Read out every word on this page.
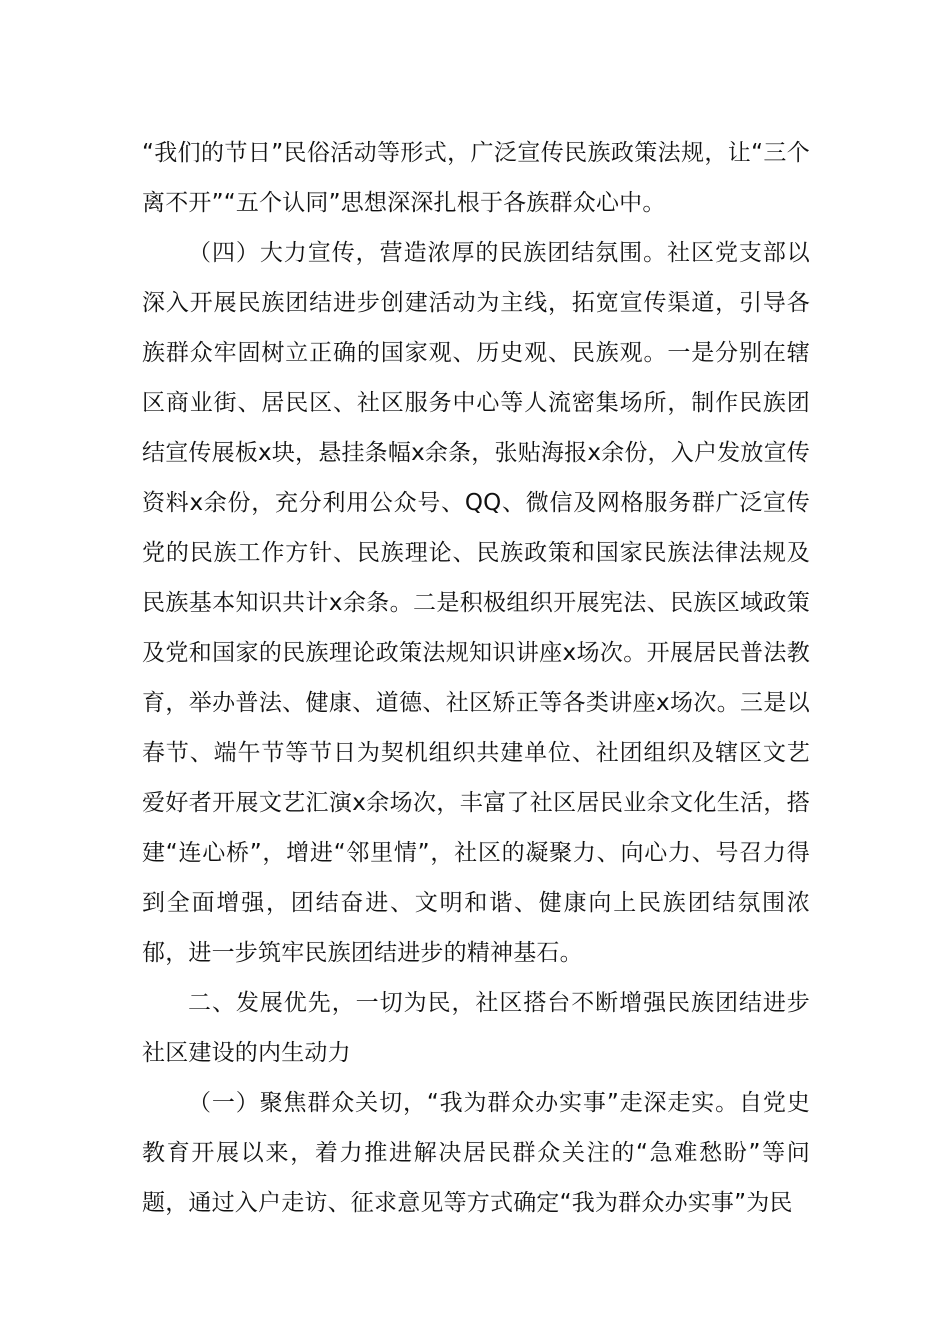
“我们的节日”民俗活动等形式，广泛宣传民族政策法规，让“三个离不开”“五个认同”思想深深扎根于各族群众心中。

（四）大力宣传，营造浓厚的民族团结氛围。社区党支部以深入开展民族团结进步创建活动为主线，拓宽宣传渠道，引导各族群众牢固树立正确的国家观、历史观、民族观。一是分别在辖区商业街、居民区、社区服务中心等人流密集场所，制作民族团结宣传展板x块，悬挂条幅x余条，张贴海报x余份，入户发放宣传资料x余份，充分利用公众号、QQ、微信及网格服务群广泛宣传党的民族工作方针、民族理论、民族政策和国家民族法律法规及民族基本知识共计x余条。二是积极组织开展宪法、民族区域政策及党和国家的民族理论政策法规知识讲座x场次。开展居民普法教育，举办普法、健康、道德、社区矫正等各类讲座x场次。三是以春节、端午节等节日为契机组织共建单位、社团组织及辖区文艺爱好者开展文艺汇演x余场次，丰富了社区居民业余文化生活，搭建“连心桥”，增进“邻里情”，社区的凝聚力、向心力、号召力得到全面增强，团结奋进、文明和谐、健康向上民族团结氛围浓郁，进一步筑牢民族团结进步的精神基石。

二、发展优先，一切为民，社区搭台不断增强民族团结进步社区建设的内生动力

（一）聚焦群众关切，“我为群众办实事”走深走实。自党史教育开展以来，着力推进解决居民群众关注的“急难愁盼”等问题，通过入户走访、征求意见等方式确定“我为群众办实事”为民
